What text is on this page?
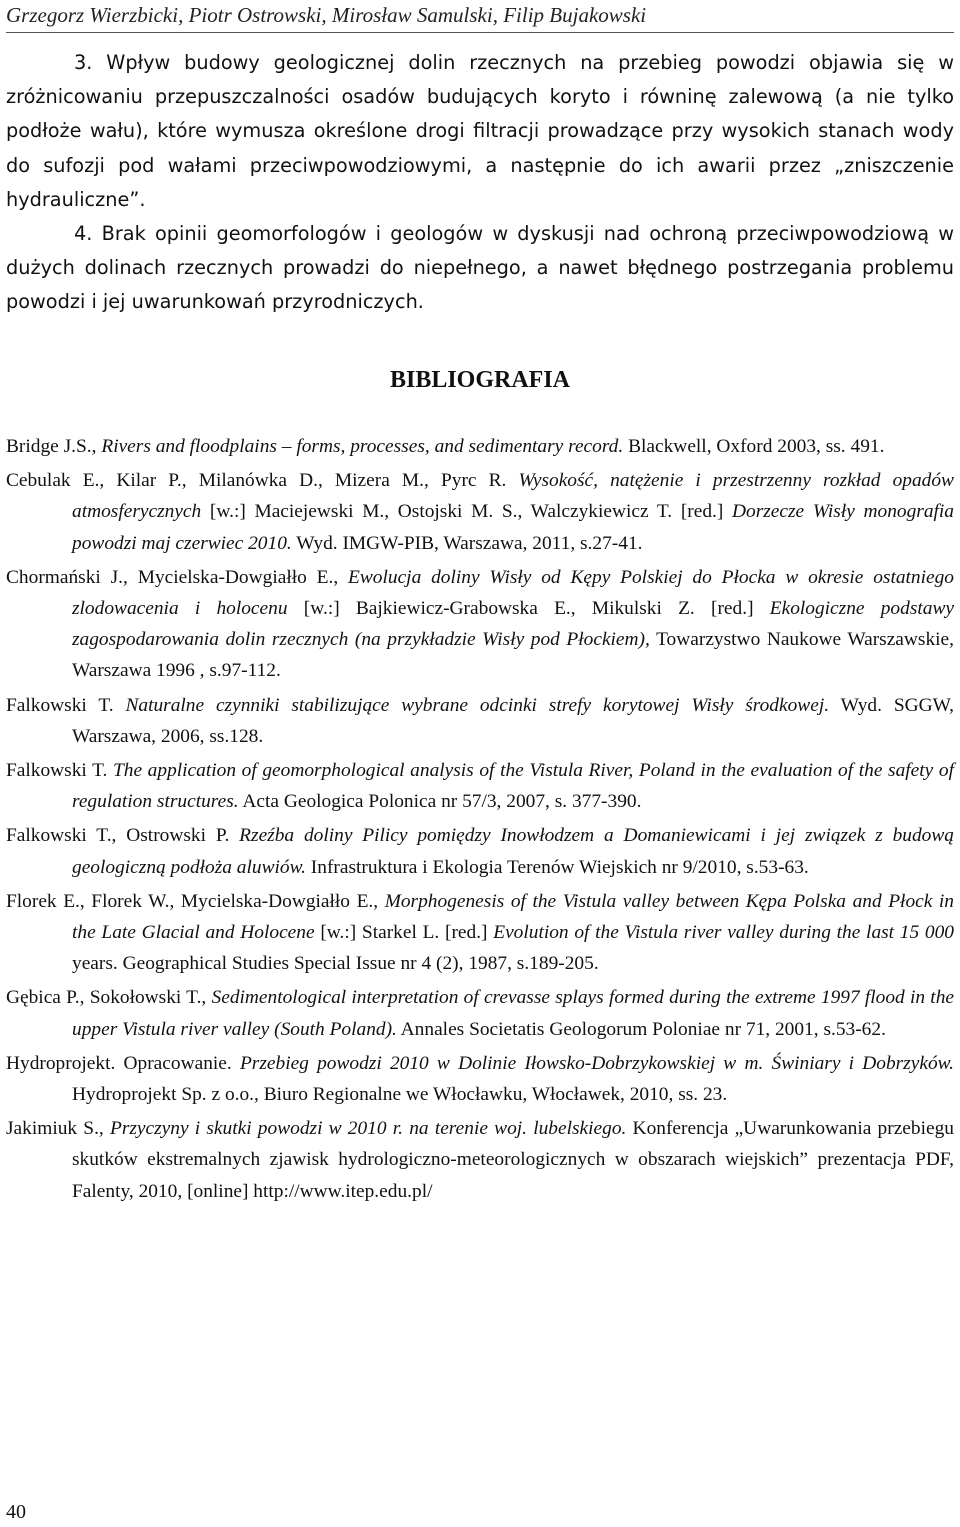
Grzegorz Wierzbicki, Piotr Ostrowski, Mirosław Samulski, Filip Bujakowski

3. Wpływ budowy geologicznej dolin rzecznych na przebieg powodzi objawia się w zróżnicowaniu przepuszczalności osadów budujących koryto i równinę zalewową (a nie tylko podłoże wału), które wymusza określone drogi filtracji prowadzące przy wysokich stanach wody do sufozji pod wałami przeciwpowodziowymi, a następnie do ich awarii przez „zniszczenie hydrauliczne”.

4. Brak opinii geomorfologów i geologów w dyskusji nad ochroną przeciwpowodziową w dużych dolinach rzecznych prowadzi do niepełnego, a nawet błędnego postrzegania problemu powodzi i jej uwarunkowań przyrodniczych.

BIBLIOGRAFIA

Bridge J.S., Rivers and floodplains – forms, processes, and sedimentary record. Blackwell, Oxford 2003, ss. 491.

Cebulak E., Kilar P., Milanówka D., Mizera M., Pyrc R. Wysokość, natężenie i przestrzenny rozkład opadów atmosferycznych [w.:] Maciejewski M., Ostojski M. S., Walczykiewicz T. [red.] Dorzecze Wisły monografia powodzi maj czerwiec 2010. Wyd. IMGW-PIB, Warszawa, 2011, s.27-41.

Chormański J., Mycielska-Dowgiałło E., Ewolucja doliny Wisły od Kępy Polskiej do Płocka w okresie ostatniego zlodowacenia i holocenu [w.:] Bajkiewicz-Grabowska E., Mikulski Z. [red.] Ekologiczne podstawy zagospodarowania dolin rzecznych (na przykładzie Wisły pod Płockiem), Towarzystwo Naukowe Warszawskie, Warszawa 1996 , s.97-112.

Falkowski T. Naturalne czynniki stabilizujące wybrane odcinki strefy korytowej Wisły środkowej. Wyd. SGGW, Warszawa, 2006, ss.128.

Falkowski T. The application of geomorphological analysis of the Vistula River, Poland in the evaluation of the safety of regulation structures. Acta Geologica Polonica nr 57/3, 2007, s. 377-390.

Falkowski T., Ostrowski P. Rzeźba doliny Pilicy pomiędzy Inowłodzem a Domaniewicami i jej związek z budową geologiczną podłoża aluwiów. Infrastruktura i Ekologia Terenów Wiejskich nr 9/2010, s.53-63.

Florek E., Florek W., Mycielska-Dowgiałło E., Morphogenesis of the Vistula valley between Kępa Polska and Płock in the Late Glacial and Holocene [w.:] Starkel L. [red.] Evolution of the Vistula river valley during the last 15 000 years. Geographical Studies Special Issue nr 4 (2), 1987, s.189-205.

Gębica P., Sokołowski T., Sedimentological interpretation of crevasse splays formed during the extreme 1997 flood in the upper Vistula river valley (South Poland). Annales Societatis Geologorum Poloniae nr 71, 2001, s.53-62.

Hydroprojekt. Opracowanie. Przebieg powodzi 2010 w Dolinie Iłowsko-Dobrzykowskiej w m. Świniary i Dobrzyków. Hydroprojekt Sp. z o.o., Biuro Regionalne we Włocławku, Włocławek, 2010, ss. 23.

Jakimiuk S., Przyczyny i skutki powodzi w 2010 r. na terenie woj. lubelskiego. Konferencja „Uwarunkowania przebiegu skutków ekstremalnych zjawisk hydrologiczno-meteorologicznych w obszarach wiejskich” prezentacja PDF, Falenty, 2010, [online] http://www.itep.edu.pl/

40
